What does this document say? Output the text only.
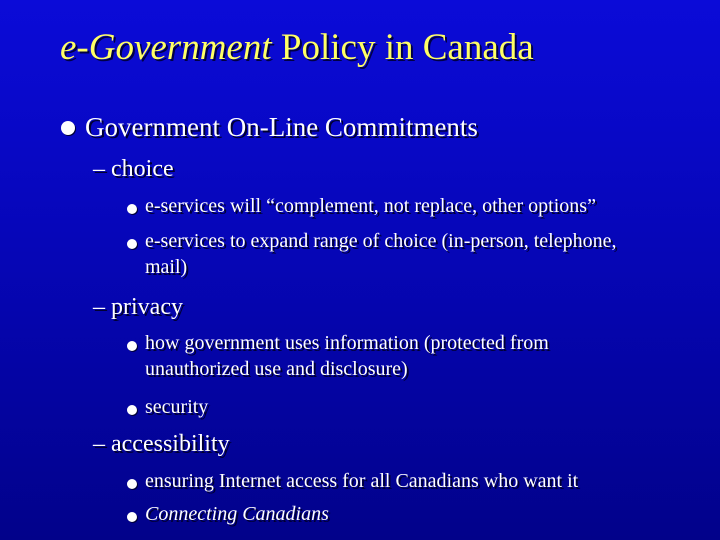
e-Government Policy in Canada

Government On-Line Commitments

– choice

e-services will “complement, not replace, other options”

e-services to expand range of choice (in-person, telephone,
mail)

– privacy

how government uses information (protected from
unauthorized use and disclosure)

security

– accessibility

ensuring Internet access for all Canadians who want it

Connecting Canadians
